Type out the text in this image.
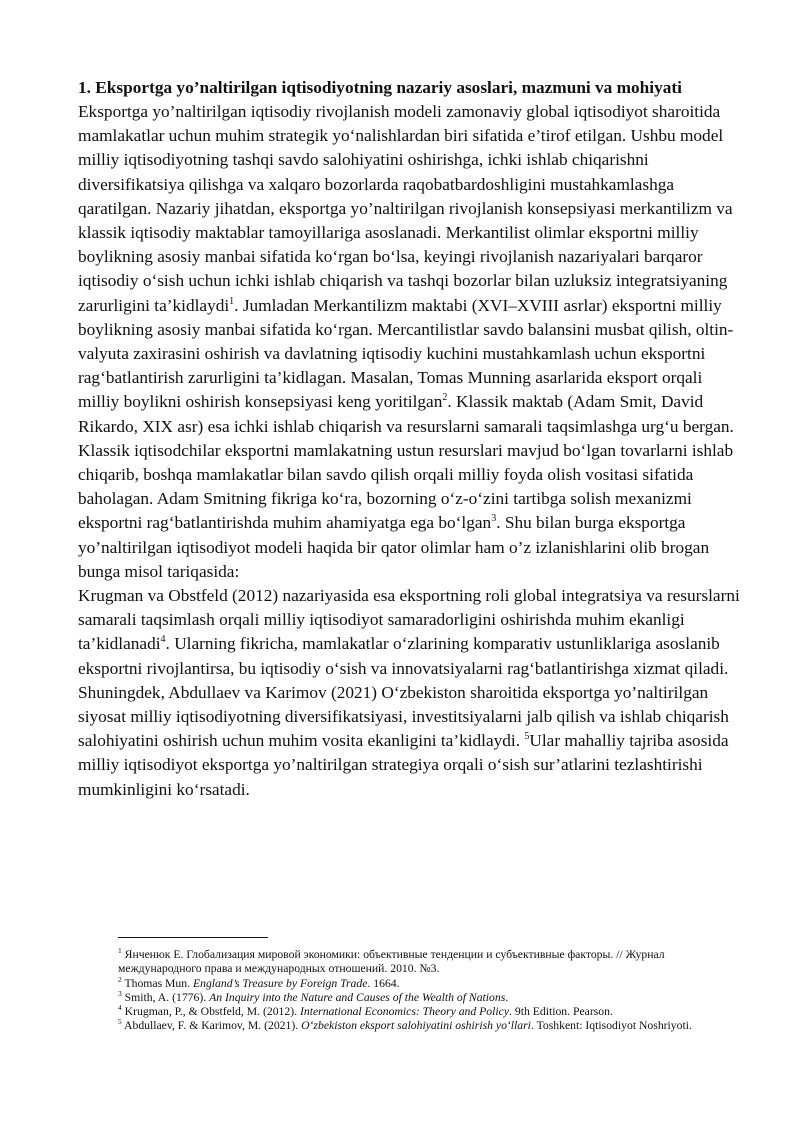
1. Eksportga yo’naltirilgan iqtisodiyotning nazariy asoslari, mazmuni va mohiyati

Eksportga yo’naltirilgan iqtisodiy rivojlanish modeli zamonaviy global iqtisodiyot sharoitida mamlakatlar uchun muhim strategik yo‘nalishlardan biri sifatida e’tirof etilgan. Ushbu model milliy iqtisodiyotning tashqi savdo salohiyatini oshirishga, ichki ishlab chiqarishni diversifikatsiya qilishga va xalqaro bozorlarda raqobatbardoshligini mustahkamlashga qaratilgan. Nazariy jihatdan, eksportga yo’naltirilgan rivojlanish konsepsiyasi merkantilizm va klassik iqtisodiy maktablar tamoyillariga asoslanadi. Merkantilist olimlar eksportni milliy boylikning asosiy manbai sifatida ko‘rgan bo‘lsa, keyingi rivojlanish nazariyalari barqaror iqtisodiy o‘sish uchun ichki ishlab chiqarish va tashqi bozorlar bilan uzluksiz integratsiyaning zarurligini ta’kidlaydi$^1$. Jumladan Merkantilizm maktabi (XVI–XVIII asrlar) eksportni milliy boylikning asosiy manbai sifatida ko‘rgan. Mercantilistlar savdo balansini musbat qilish, oltin-valyuta zaxirasini oshirish va davlatning iqtisodiy kuchini mustahkamlash uchun eksportni rag‘batlantirish zarurligini ta’kidlagan. Masalan, Tomas Munning asarlarida eksport orqali milliy boylikni oshirish konsepsiyasi keng yoritilgan$^2$. Klassik maktab (Adam Smit, David Rikardo, XIX asr) esa ichki ishlab chiqarish va resurslarni samarali taqsimlashga urg‘u bergan. Klassik iqtisodchilar eksportni mamlakatning ustun resurslari mavjud bo‘lgan tovarlarni ishlab chiqarib, boshqa mamlakatlar bilan savdo qilish orqali milliy foyda olish vositasi sifatida baholagan. Adam Smitning fikriga ko‘ra, bozorning o‘z-o‘zini tartibga solish mexanizmi eksportni rag‘batlantirishda muhim ahamiyatga ega bo‘lgan$^3$. Shu bilan burga eksportga yo’naltirilgan iqtisodiyot modeli haqida bir qator olimlar ham o’z izlanishlarini olib brogan bunga misol tariqasida:

Krugman va Obstfeld (2012) nazariyasida esa eksportning roli global integratsiya va resurslarni samarali taqsimlash orqali milliy iqtisodiyot samaradorligini oshirishda muhim ekanligi ta’kidlanadi$^4$. Ularning fikricha, mamlakatlar o‘zlarining komparativ ustunliklariga asoslanib eksportni rivojlantirsa, bu iqtisodiy o‘sish va innovatsiyalarni rag‘batlantirishga xizmat qiladi. Shuningdek, Abdullaev va Karimov (2021) O‘zbekiston sharoitida eksportga yo’naltirilgan siyosat milliy iqtisodiyotning diversifikatsiyasi, investitsiyalarni jalb qilish va ishlab chiqarish salohiyatini oshirish uchun muhim vosita ekanligini ta’kidlaydi. $^5$Ular mahalliy tajriba asosida milliy iqtisodiyot eksportga yo’naltirilgan strategiya orqali o‘sish sur’atlarini tezlashtirishi mumkinligini ko‘rsatadi.

$^1$ Янченюк Е. Глобализация мировой экономики: объективные тенденции и субъективные факторы. // Журнал международного права и международных отношений. 2010. №3.

$^2$ Thomas Mun. England’s Treasure by Foreign Trade. 1664.

$^3$ Smith, A. (1776). An Inquiry into the Nature and Causes of the Wealth of Nations.

$^4$ Krugman, P., & Obstfeld, M. (2012). International Economics: Theory and Policy. 9th Edition. Pearson.

$^5$ Abdullaev, F. & Karimov, M. (2021). O‘zbekiston eksport salohiyatini oshirish yo‘llari. Toshkent: Iqtisodiyot Noshriyoti.
